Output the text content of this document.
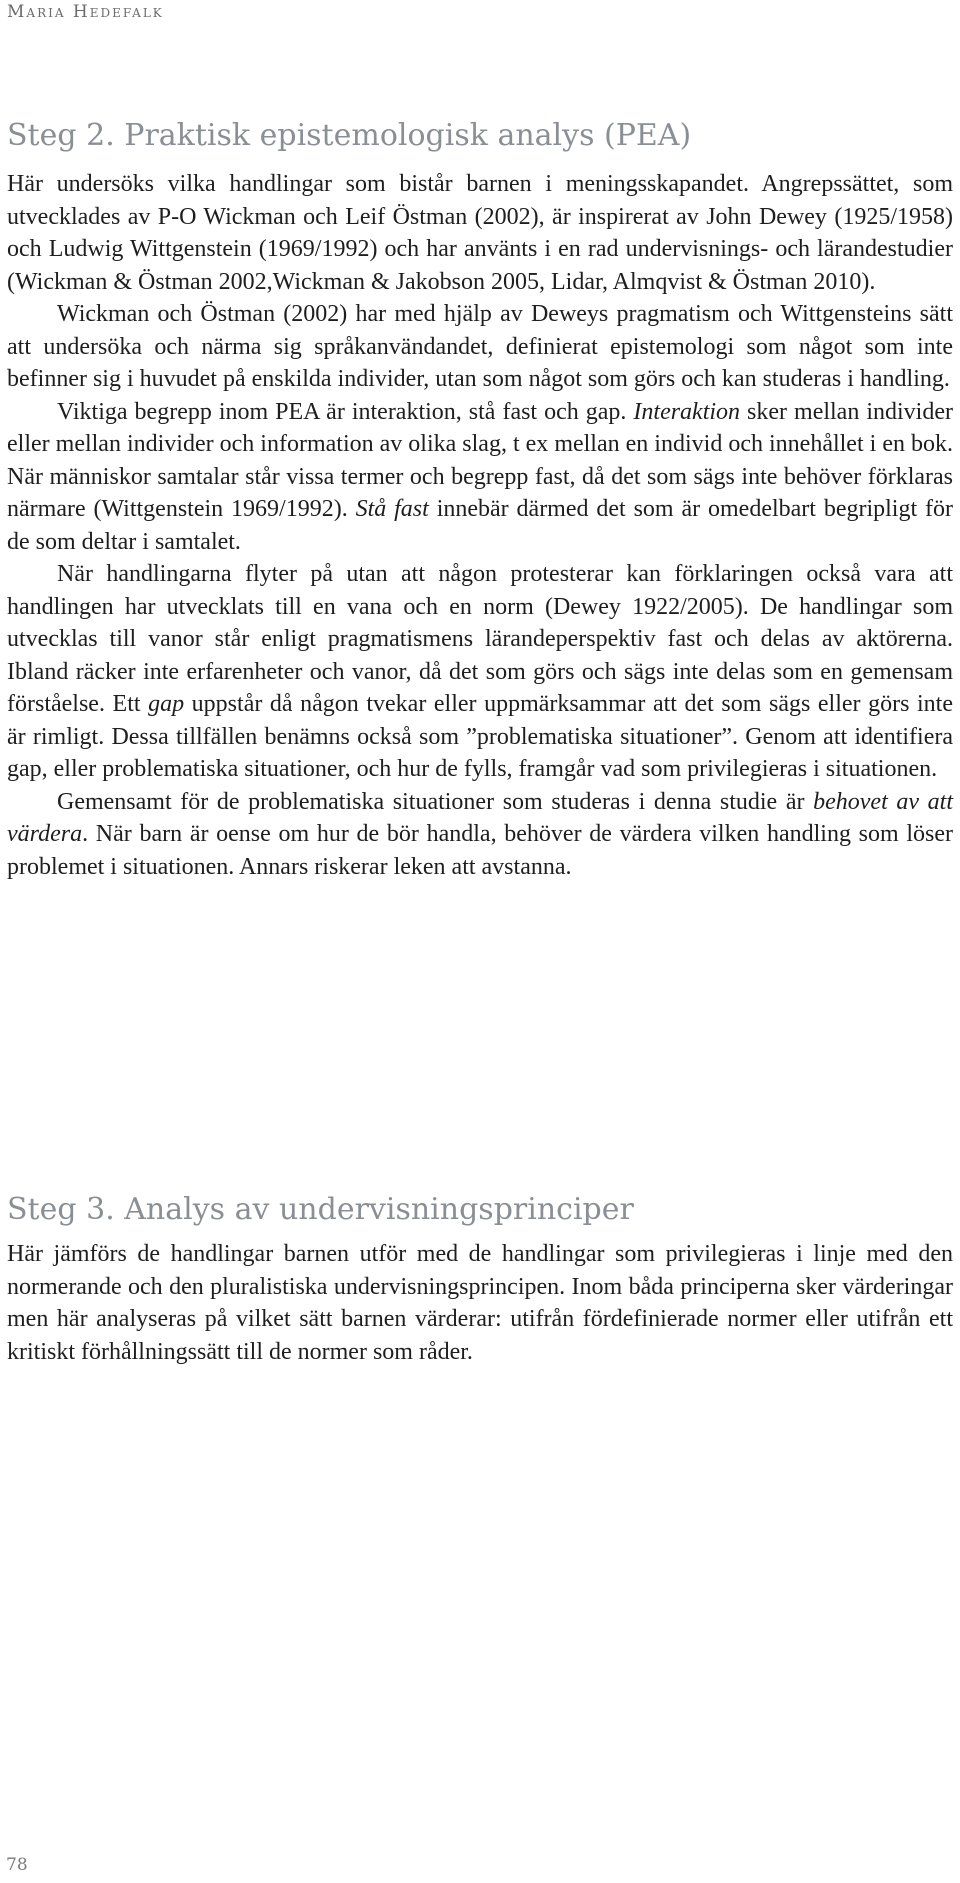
Maria Hedefalk
Steg 2. Praktisk epistemologisk analys (PEA)

Här undersöks vilka handlingar som bistår barnen i meningsskapandet. Angrepssättet, som utvecklades av P-O Wickman och Leif Östman (2002), är inspirerat av John Dewey (1925/1958) och Ludwig Wittgenstein (1969/1992) och har använts i en rad undervisnings- och lärandestudier (Wickman & Östman 2002,Wickman & Jakobson 2005, Lidar, Almqvist & Östman 2010).

Wickman och Östman (2002) har med hjälp av Deweys pragmatism och Wittgensteins sätt att undersöka och närma sig språkanvändandet, definierat epistemologi som något som inte befinner sig i huvudet på enskilda individer, utan som något som görs och kan studeras i handling.

Viktiga begrepp inom PEA är interaktion, stå fast och gap. Interaktion sker mellan individer eller mellan individer och information av olika slag, t ex mellan en individ och innehållet i en bok. När människor samtalar står vissa termer och begrepp fast, då det som sägs inte behöver förklaras närmare (Wittgenstein 1969/1992). Stå fast innebär därmed det som är omedelbart begripligt för de som deltar i samtalet.

När handlingarna flyter på utan att någon protesterar kan förklaringen också vara att handlingen har utvecklats till en vana och en norm (Dewey 1922/2005). De handlingar som utvecklas till vanor står enligt pragmatismens lärandeperspektiv fast och delas av aktörerna. Ibland räcker inte erfarenheter och vanor, då det som görs och sägs inte delas som en gemensam förståelse. Ett gap uppstår då någon tvekar eller uppmärksammar att det som sägs eller görs inte är rimligt. Dessa tillfällen benämns också som ”problematiska situationer”. Genom att identifiera gap, eller problematiska situationer, och hur de fylls, framgår vad som privilegieras i situationen.

Gemensamt för de problematiska situationer som studeras i denna studie är behovet av att värdera. När barn är oense om hur de bör handla, behöver de värdera vilken handling som löser problemet i situationen. Annars riskerar leken att avstanna.

Steg 3. Analys av undervisningsprinciper

Här jämförs de handlingar barnen utför med de handlingar som privilegieras i linje med den normerande och den pluralistiska undervisningsprincipen. Inom båda principerna sker värderingar men här analyseras på vilket sätt barnen värderar: utifrån fördefinierade normer eller utifrån ett kritiskt förhållningssätt till de normer som råder.

78
